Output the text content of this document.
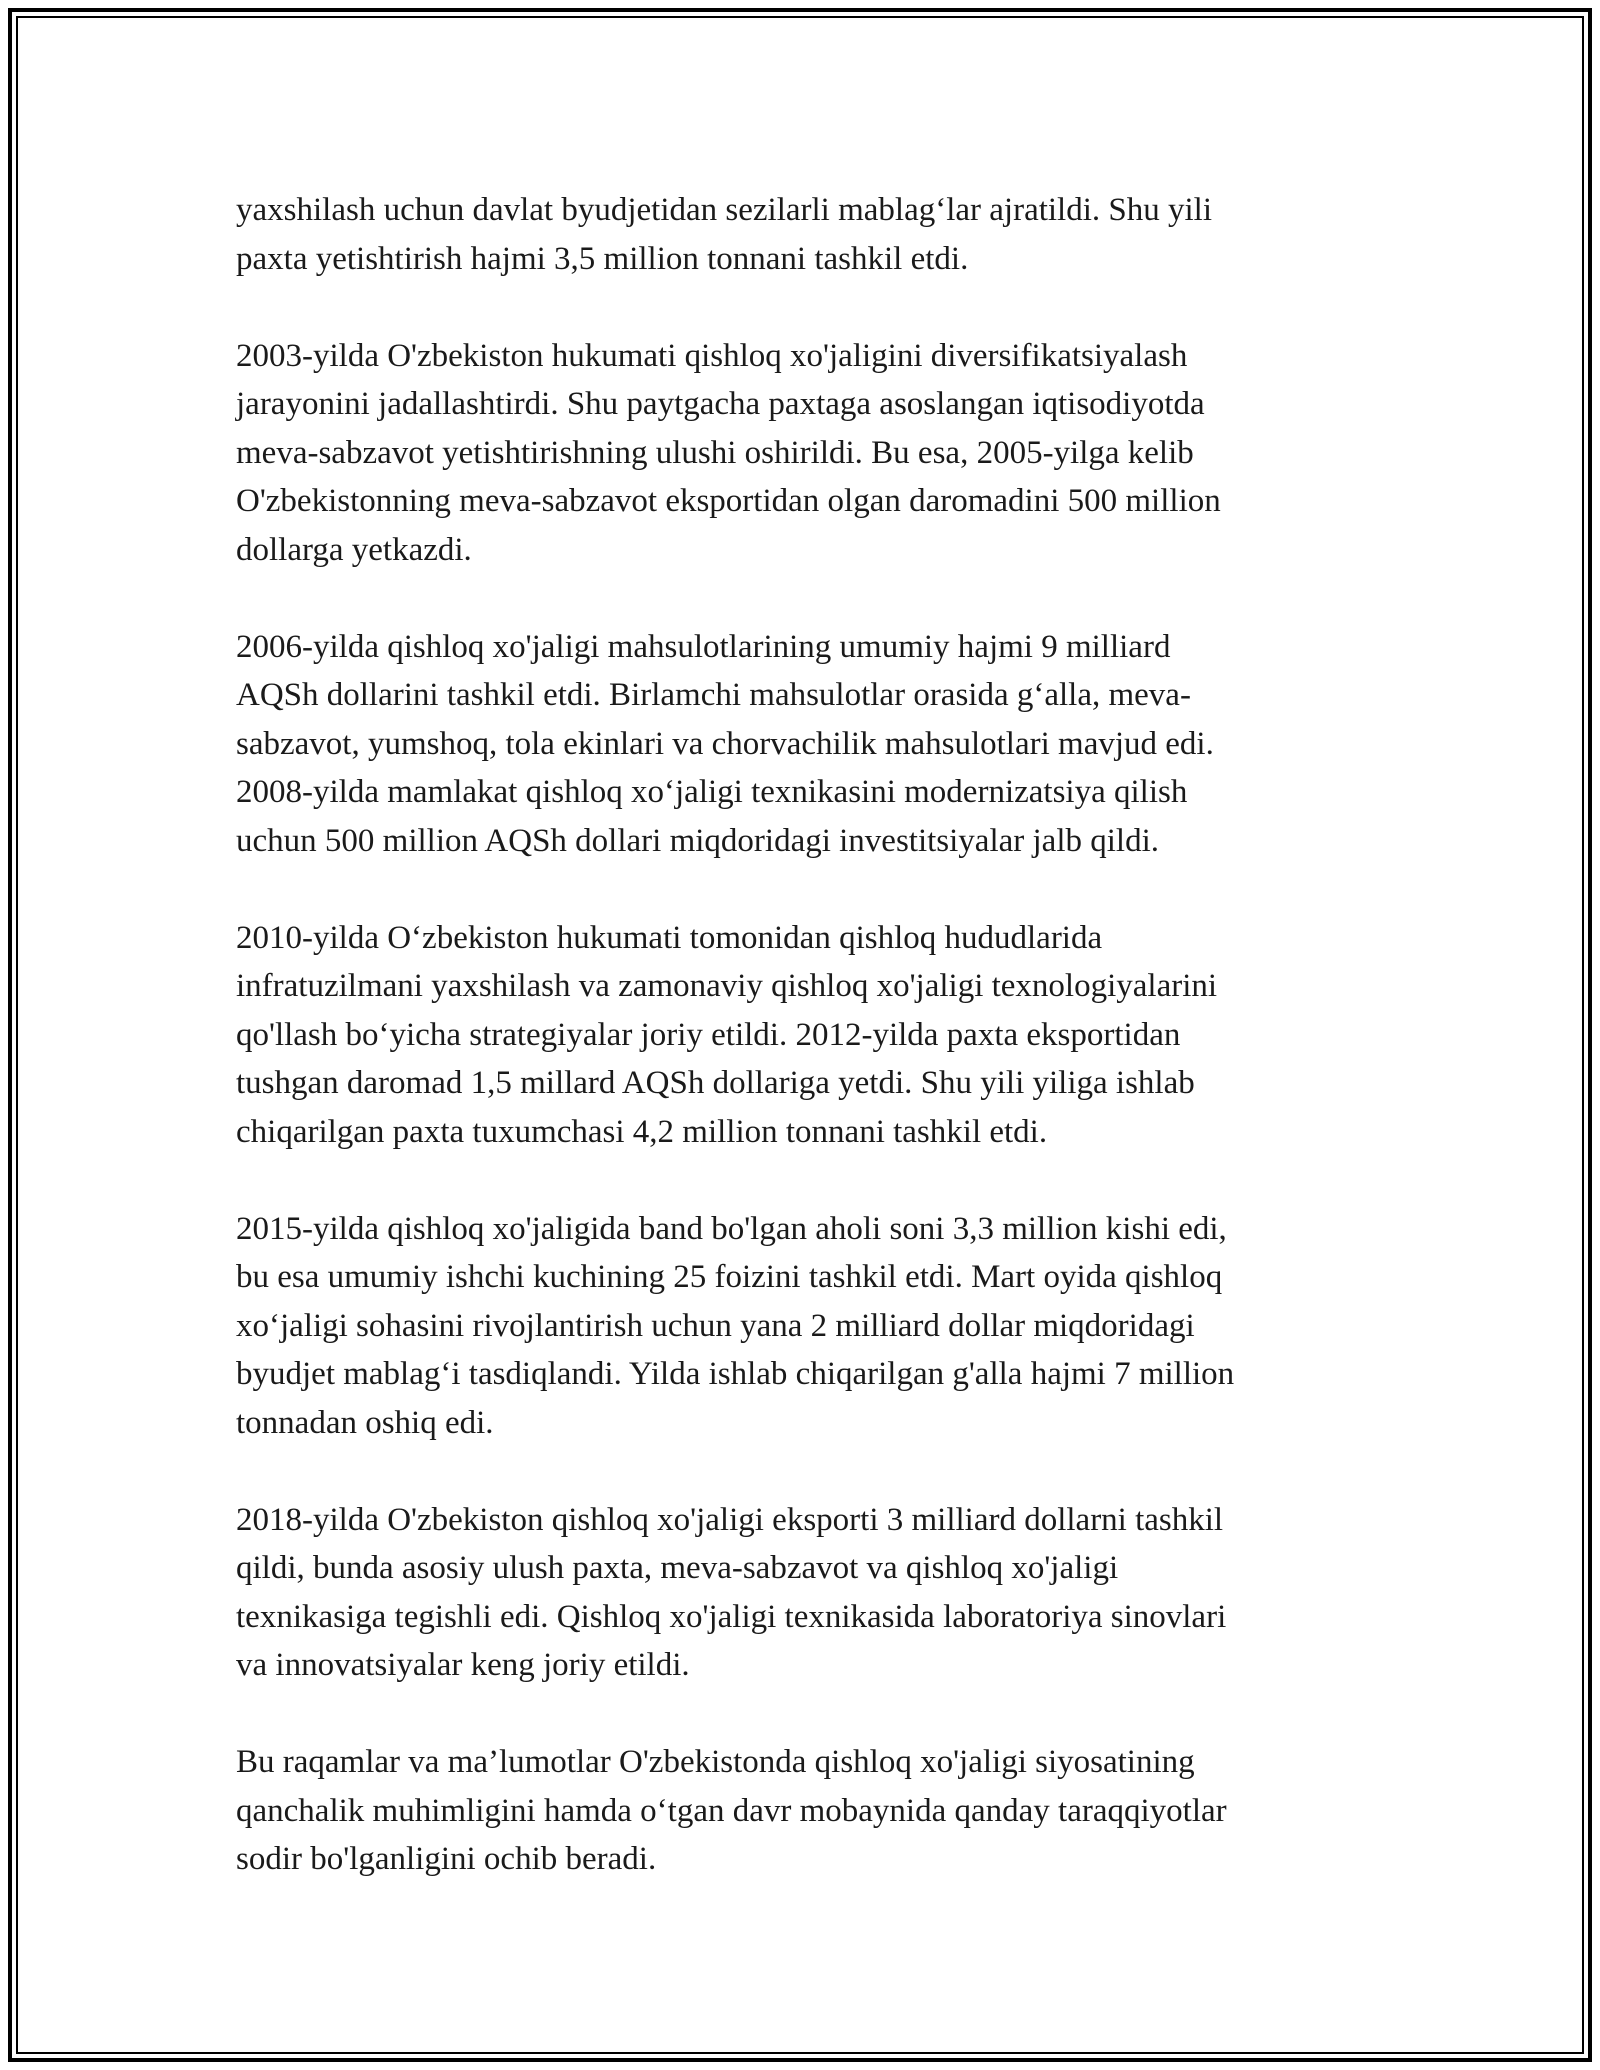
yaxshilash uchun davlat byudjetidan sezilarli mablag‘lar ajratildi. Shu yili
paxta yetishtirish hajmi 3,5 million tonnani tashkil etdi.

2003-yilda O'zbekiston hukumati qishloq xo'jaligini diversifikatsiyalash
jarayonini jadallashtirdi. Shu paytgacha paxtaga asoslangan iqtisodiyotda
meva-sabzavot yetishtirishning ulushi oshirildi. Bu esa, 2005-yilga kelib
O'zbekistonning meva-sabzavot eksportidan olgan daromadini 500 million
dollarga yetkazdi.

2006-yilda qishloq xo'jaligi mahsulotlarining umumiy hajmi 9 milliard
AQSh dollarini tashkil etdi. Birlamchi mahsulotlar orasida g‘alla, meva-
sabzavot, yumshoq, tola ekinlari va chorvachilik mahsulotlari mavjud edi.
2008-yilda mamlakat qishloq xo‘jaligi texnikasini modernizatsiya qilish
uchun 500 million AQSh dollari miqdoridagi investitsiyalar jalb qildi.

2010-yilda O‘zbekiston hukumati tomonidan qishloq hududlarida
infratuzilmani yaxshilash va zamonaviy qishloq xo'jaligi texnologiyalarini
qo'llash bo‘yicha strategiyalar joriy etildi. 2012-yilda paxta eksportidan
tushgan daromad 1,5 millard AQSh dollariga yetdi. Shu yili yiliga ishlab
chiqarilgan paxta tuxumchasi 4,2 million tonnani tashkil etdi.

2015-yilda qishloq xo'jaligida band bo'lgan aholi soni 3,3 million kishi edi,
bu esa umumiy ishchi kuchining 25 foizini tashkil etdi. Mart oyida qishloq
xo‘jaligi sohasini rivojlantirish uchun yana 2 milliard dollar miqdoridagi
byudjet mablag‘i tasdiqlandi. Yilda ishlab chiqarilgan g'alla hajmi 7 million
tonnadan oshiq edi.

2018-yilda O'zbekiston qishloq xo'jaligi eksporti 3 milliard dollarni tashkil
qildi, bunda asosiy ulush paxta, meva-sabzavot va qishloq xo'jaligi
texnikasiga tegishli edi. Qishloq xo'jaligi texnikasida laboratoriya sinovlari
va innovatsiyalar keng joriy etildi.

Bu raqamlar va ma’lumotlar O'zbekistonda qishloq xo'jaligi siyosatining
qanchalik muhimligini hamda o‘tgan davr mobaynida qanday taraqqiyotlar
sodir bo'lganligini ochib beradi.
